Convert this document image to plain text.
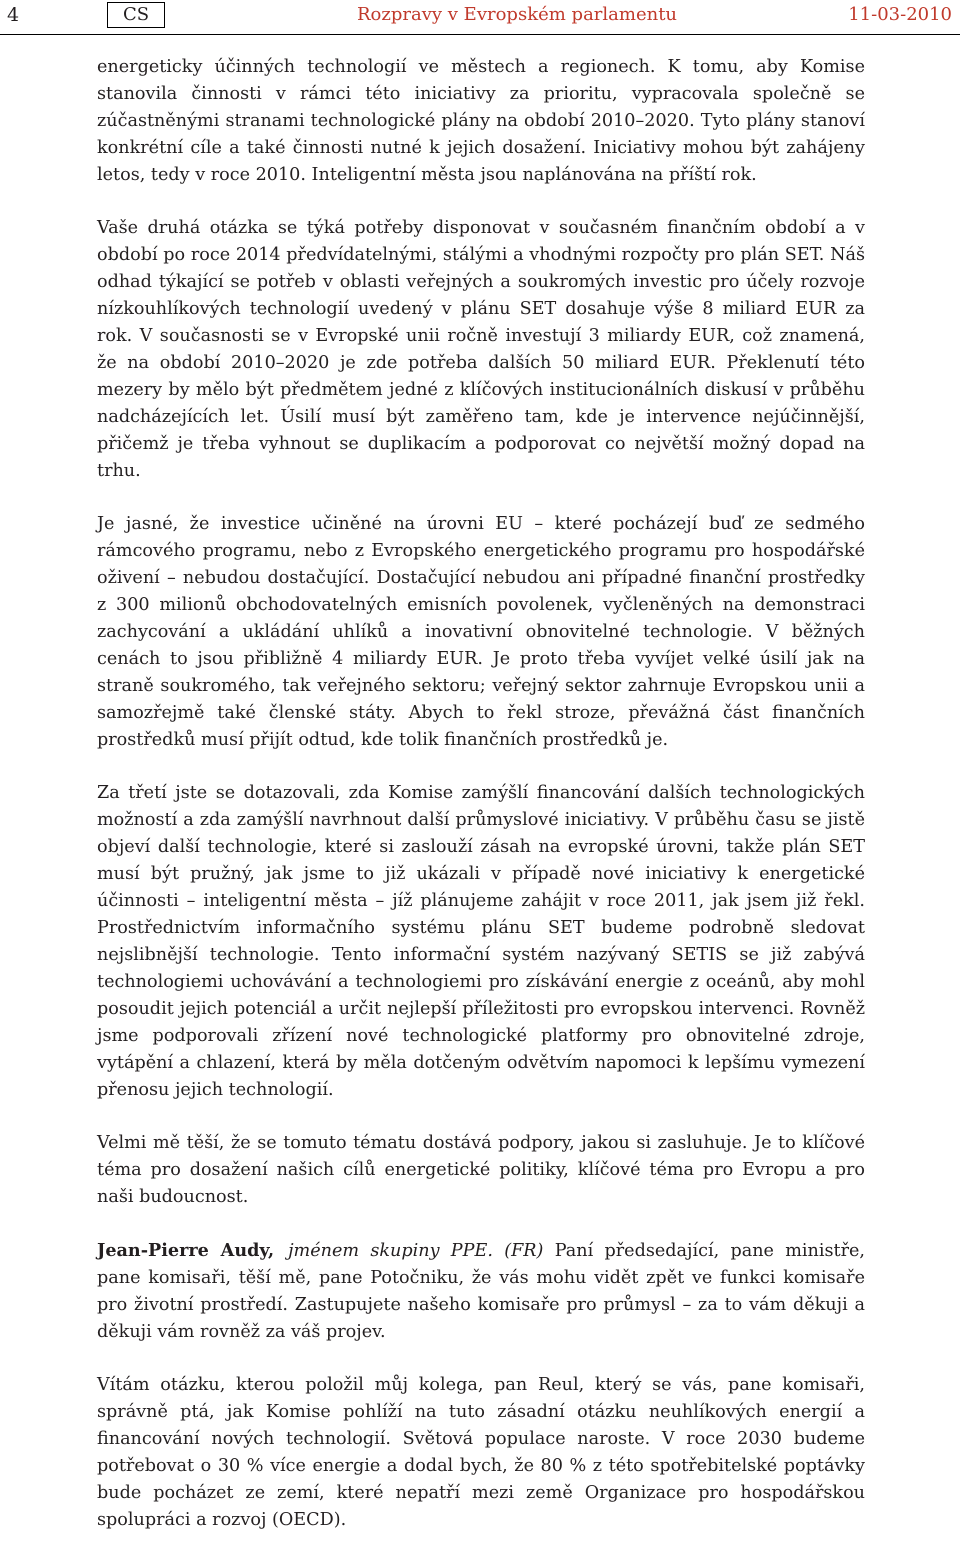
4	CS	Rozpravy v Evropském parlamentu	11-03-2010

energeticky účinných technologií ve městech a regionech. K tomu, aby Komise stanovila činnosti v rámci této iniciativy za prioritu, vypracovala společně se zúčastněnými stranami technologické plány na období 2010–2020. Tyto plány stanoví konkrétní cíle a také činnosti nutné k jejich dosažení. Iniciativy mohou být zahájeny letos, tedy v roce 2010. Inteligentní města jsou naplánována na příští rok.

Vaše druhá otázka se týká potřeby disponovat v současném finančním období a v období po roce 2014 předvídatelnými, stálými a vhodnými rozpočty pro plán SET. Náš odhad týkající se potřeb v oblasti veřejných a soukromých investic pro účely rozvoje nízkouhlíkových technologií uvedený v plánu SET dosahuje výše 8 miliard EUR za rok. V současnosti se v Evropské unii ročně investují 3 miliardy EUR, což znamená, že na období 2010–2020 je zde potřeba dalších 50 miliard EUR. Překlenutí této mezery by mělo být předmětem jedné z klíčových institucionálních diskusí v průběhu nadcházejících let. Úsilí musí být zaměřeno tam, kde je intervence nejúčinnější, přičemž je třeba vyhnout se duplikacím a podporovat co největší možný dopad na trhu.

Je jasné, že investice učiněné na úrovni EU – které pocházejí buď ze sedmého rámcového programu, nebo z Evropského energetického programu pro hospodářské oživení – nebudou dostačující. Dostačující nebudou ani případné finanční prostředky z 300 milionů obchodovatelných emisních povolenek, vyčleněných na demonstraci zachycování a ukládání uhlíků a inovativní obnovitelné technologie. V běžných cenách to jsou přibližně 4 miliardy EUR. Je proto třeba vyvíjet velké úsilí jak na straně soukromého, tak veřejného sektoru; veřejný sektor zahrnuje Evropskou unii a samozřejmě také členské státy. Abych to řekl stroze, převážná část finančních prostředků musí přijít odtud, kde tolik finančních prostředků je.

Za třetí jste se dotazovali, zda Komise zamýšlí financování dalších technologických možností a zda zamýšlí navrhnout další průmyslové iniciativy. V průběhu času se jistě objeví další technologie, které si zaslouží zásah na evropské úrovni, takže plán SET musí být pružný, jak jsme to již ukázali v případě nové iniciativy k energetické účinnosti – inteligentní města – jíž plánujeme zahájit v roce 2011, jak jsem již řekl. Prostřednictvím informačního systému plánu SET budeme podrobně sledovat nejslibnější technologie. Tento informační systém nazývaný SETIS se již zabývá technologiemi uchovávání a technologiemi pro získávání energie z oceánů, aby mohl posoudit jejich potenciál a určit nejlepší příležitosti pro evropskou intervenci. Rovněž jsme podporovali zřízení nové technologické platformy pro obnovitelné zdroje, vytápění a chlazení, která by měla dotčeným odvětvím napomoci k lepšímu vymezení přenosu jejich technologií.

Velmi mě těší, že se tomuto tématu dostává podpory, jakou si zasluhuje. Je to klíčové téma pro dosažení našich cílů energetické politiky, klíčové téma pro Evropu a pro naši budoucnost.

Jean-Pierre Audy, jménem skupiny PPE. (FR) Paní předsedající, pane ministře, pane komisaři, těší mě, pane Potočniku, že vás mohu vidět zpět ve funkci komisaře pro životní prostředí. Zastupujete našeho komisaře pro průmysl – za to vám děkuji a děkuji vám rovněž za váš projev.

Vítám otázku, kterou položil můj kolega, pan Reul, který se vás, pane komisaři, správně ptá, jak Komise pohlíží na tuto zásadní otázku neuhlíkových energií a financování nových technologií. Světová populace naroste. V roce 2030 budeme potřebovat o 30 % více energie a dodal bych, že 80 % z této spotřebitelské poptávky bude pocházet ze zemí, které nepatří mezi země Organizace pro hospodářskou spolupráci a rozvoj (OECD).
